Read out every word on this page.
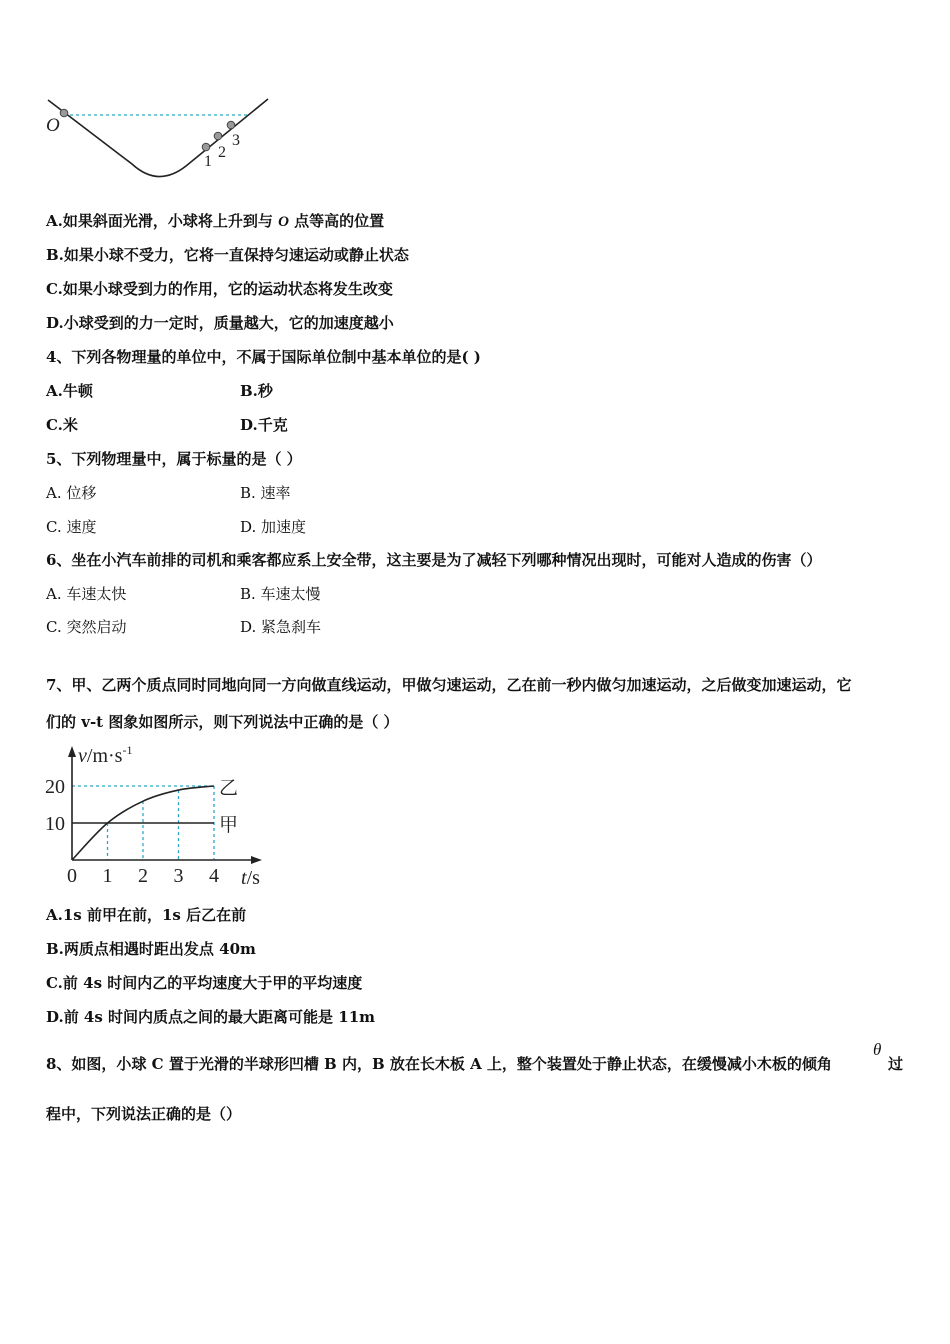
O
1
2
3
A.如果斜面光滑，小球将上升到与 O 点等高的位置
B.如果小球不受力，它将一直保持匀速运动或静止状态
C.如果小球受到力的作用，它的运动状态将发生改变
D.小球受到的力一定时，质量越大，它的加速度越小
4、下列各物理量的单位中，不属于国际单位制中基本单位的是( )
A.牛顿	B.秒
C.米	D.千克
5、下列物理量中，属于标量的是（ ）
A. 位移	B. 速率
C. 速度	D. 加速度
6、坐在小汽车前排的司机和乘客都应系上安全带，这主要是为了减轻下列哪种情况出现时，可能对人造成的伤害（）
A. 车速太快	B. 车速太慢
C. 突然启动	D. 紧急刹车
7、甲、乙两个质点同时同地向同一方向做直线运动，甲做匀速运动，乙在前一秒内做匀加速运动，之后做变加速运动，它
们的 v-t 图象如图所示，则下列说法中正确的是（ ）
0 1 2 3 4
10
20	乙
甲
$v/m\cdot s^{-1}$
t/s
A.1s 前甲在前，1s 后乙在前
B.两质点相遇时距出发点 40m
C.前 4s 时间内乙的平均速度大于甲的平均速度
D.前 4s 时间内质点之间的最大距离可能是 11m
8、如图，小球 C 置于光滑的半球形凹槽 B 内，B 放在长木板 A 上，整个装置处于静止状态，在缓慢减小木板的倾角
θ
过
程中，下列说法正确的是（）
